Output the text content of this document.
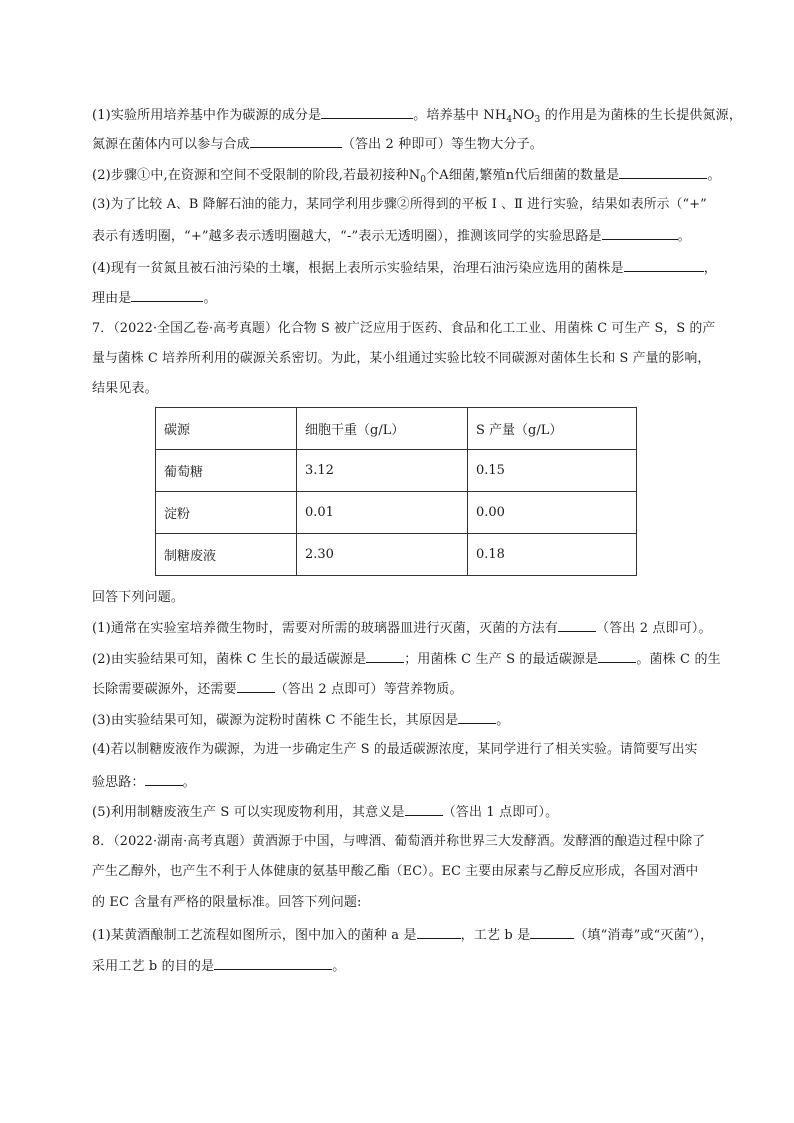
(1)实验所用培养基中作为碳源的成分是	。培养基中 $NH_4NO_3$ 的作用是为菌株的生长提供氮源，
氮源在菌体内可以参与合成	（答出 2 种即可）等生物大分子。
(2)步骤①中,在资源和空间不受限制的阶段,若最初接种$N_0$个A细菌,繁殖n代后细菌的数量是	。
(3)为了比较 A、B 降解石油的能力，某同学利用步骤②所得到的平板 Ⅰ 、Ⅱ 进行实验，结果如表所示（“+”
表示有透明圈，“+”越多表示透明圈越大，“-”表示无透明圈），推测该同学的实验思路是	。
(4)现有一贫氮且被石油污染的土壤，根据上表所示实验结果，治理石油污染应选用的菌株是	，
理由是	。
7．（2022·全国乙卷·高考真题）化合物 S 被广泛应用于医药、食品和化工工业、用菌株 C 可生产 S，S 的产
量与菌株 C 培养所利用的碳源关系密切。为此，某小组通过实验比较不同碳源对菌体生长和 S 产量的影响，
结果见表。
碳源	细胞干重（g/L）	S 产量（g/L）
葡萄糖	3.12	0.15
淀粉	0.01	0.00
制糖废液	2.30	0.18
回答下列问题。
(1)通常在实验室培养微生物时，需要对所需的玻璃器皿进行灭菌，灭菌的方法有	（答出 2 点即可）。
(2)由实验结果可知，菌株 C 生长的最适碳源是	；用菌株 C 生产 S 的最适碳源是	。菌株 C 的生
长除需要碳源外，还需要	（答出 2 点即可）等营养物质。
(3)由实验结果可知，碳源为淀粉时菌株 C 不能生长，其原因是	。
(4)若以制糖废液作为碳源，为进一步确定生产 S 的最适碳源浓度，某同学进行了相关实验。请简要写出实
验思路：	。
(5)利用制糖废液生产 S 可以实现废物利用，其意义是	（答出 1 点即可）。
8．（2022·湖南·高考真题）黄酒源于中国，与啤酒、葡萄酒并称世界三大发酵酒。发酵酒的酿造过程中除了
产生乙醇外，也产生不利于人体健康的氨基甲酸乙酯（EC）。EC 主要由尿素与乙醇反应形成，各国对酒中
的 EC 含量有严格的限量标准。回答下列问题:
(1)某黄酒酿制工艺流程如图所示，图中加入的菌种 a 是	，工艺 b 是	（填“消毒”或“灭菌”），
采用工艺 b 的目的是	。
